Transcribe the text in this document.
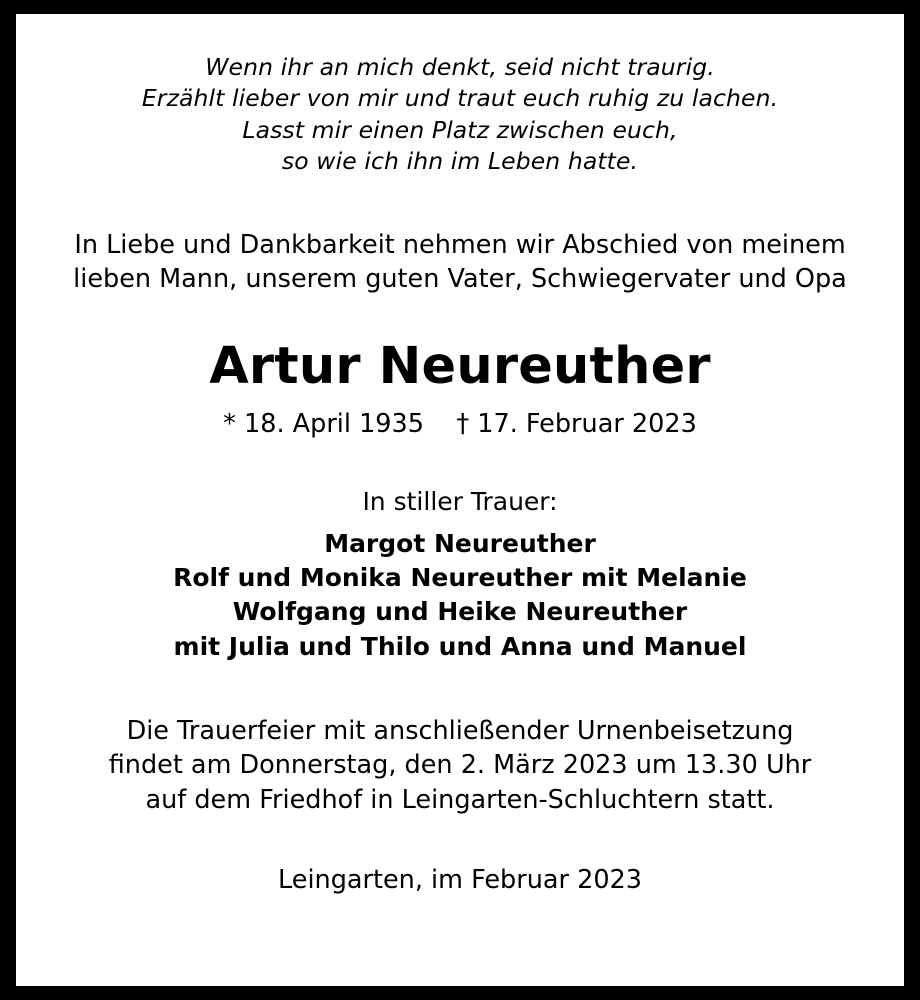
Wenn ihr an mich denkt, seid nicht traurig.
Erzählt lieber von mir und traut euch ruhig zu lachen.
Lasst mir einen Platz zwischen euch,
so wie ich ihn im Leben hatte.
In Liebe und Dankbarkeit nehmen wir Abschied von meinem
lieben Mann, unserem guten Vater, Schwiegervater und Opa
Artur Neureuther
* 18. April 1935    † 17. Februar 2023
In stiller Trauer:
Margot Neureuther
Rolf und Monika Neureuther mit Melanie
Wolfgang und Heike Neureuther
mit Julia und Thilo und Anna und Manuel
Die Trauerfeier mit anschließender Urnenbeisetzung
findet am Donnerstag, den 2. März 2023 um 13.30 Uhr
auf dem Friedhof in Leingarten-Schluchtern statt.
Leingarten, im Februar 2023
